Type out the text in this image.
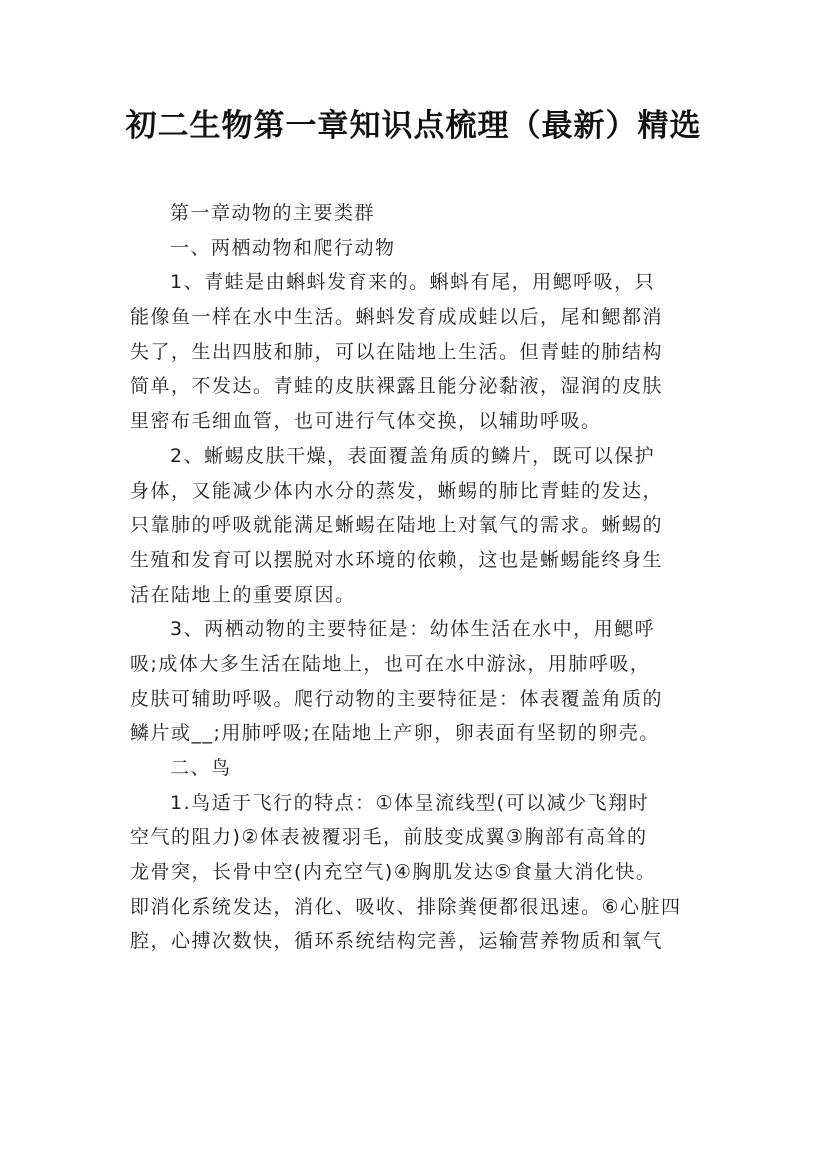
初二生物第一章知识点梳理（最新）精选
第一章动物的主要类群
一、两栖动物和爬行动物
1、青蛙是由蝌蚪发育来的。蝌蚪有尾，用鳃呼吸，只
能像鱼一样在水中生活。蝌蚪发育成成蛙以后，尾和鳃都消
失了，生出四肢和肺，可以在陆地上生活。但青蛙的肺结构
简单，不发达。青蛙的皮肤裸露且能分泌黏液，湿润的皮肤
里密布毛细血管，也可进行气体交换，以辅助呼吸。
2、蜥蜴皮肤干燥，表面覆盖角质的鳞片，既可以保护
身体，又能减少体内水分的蒸发，蜥蜴的肺比青蛙的发达，
只靠肺的呼吸就能满足蜥蜴在陆地上对氧气的需求。蜥蜴的
生殖和发育可以摆脱对水环境的依赖，这也是蜥蜴能终身生
活在陆地上的重要原因。
3、两栖动物的主要特征是：幼体生活在水中，用鳃呼
吸;成体大多生活在陆地上，也可在水中游泳，用肺呼吸，
皮肤可辅助呼吸。爬行动物的主要特征是：体表覆盖角质的
鳞片或__;用肺呼吸;在陆地上产卵，卵表面有坚韧的卵壳。
二、鸟
1.鸟适于飞行的特点：①体呈流线型(可以减少飞翔时
空气的阻力)②体表被覆羽毛，前肢变成翼③胸部有高耸的
龙骨突，长骨中空(内充空气)④胸肌发达⑤食量大消化快。
即消化系统发达，消化、吸收、排除粪便都很迅速。⑥心脏四
腔，心搏次数快，循环系统结构完善，运输营养物质和氧气
